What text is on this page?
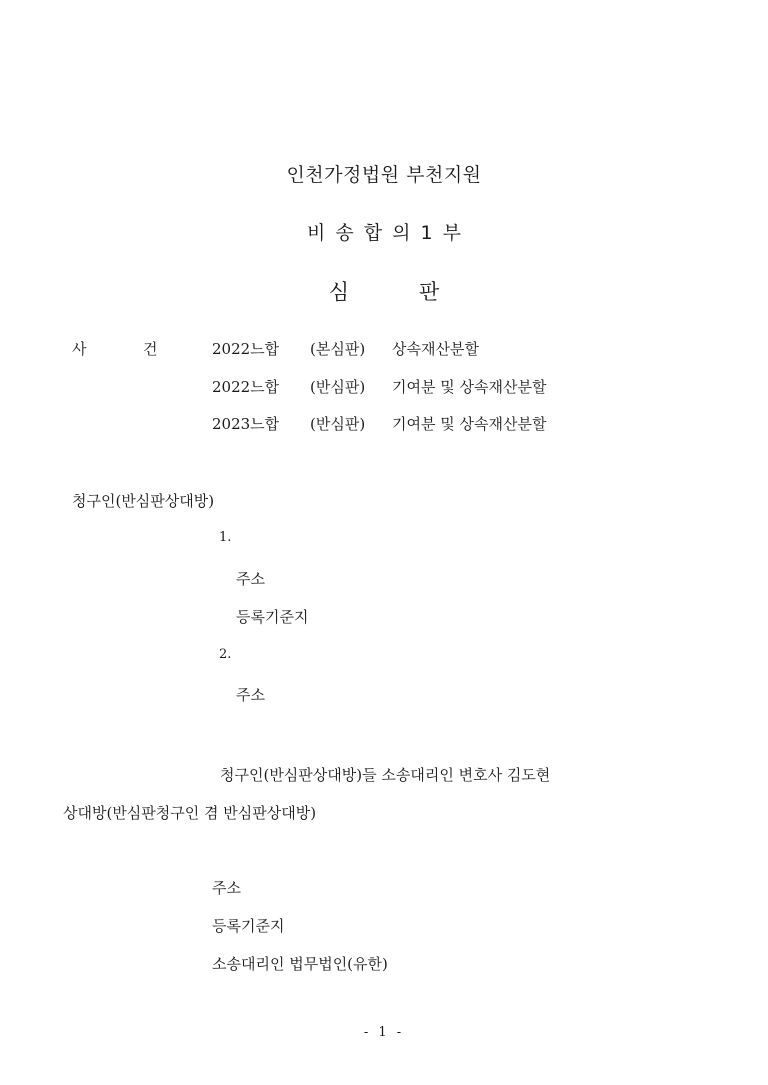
인천가정법원 부천지원
비 송 합 의 1 부
심	판
사	건	2022느합 (본심판) 상속재산분할
2022느합 (반심판) 기여분 및 상속재산분할
2023느합 (반심판) 기여분 및 상속재산분할
청구인(반심판상대방)
1.
주소
등록기준지
2.
주소
청구인(반심판상대방)들 소송대리인 변호사 김도현
상대방(반심판청구인 겸 반심판상대방)
주소
등록기준지
소송대리인 법무법인(유한)
- 1 -
